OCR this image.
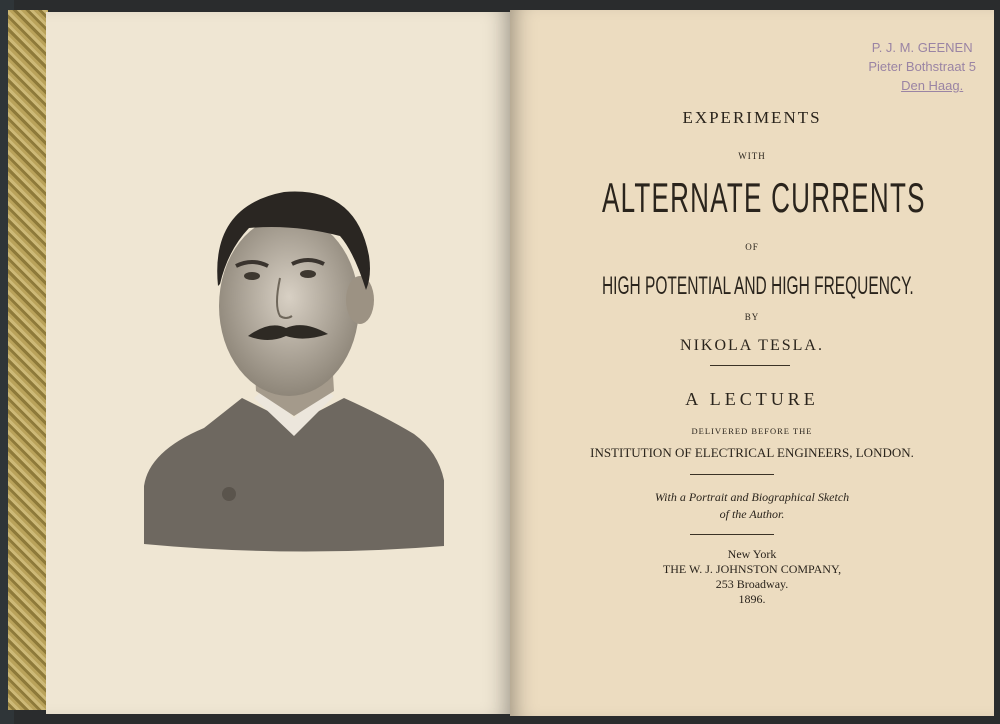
P. J. M. GEENEN
Pieter Bothstraat 5
Den Haag.
EXPERIMENTS
WITH
ALTERNATE CURRENTS
OF
HIGH POTENTIAL AND HIGH FREQUENCY.
BY
NIKOLA TESLA.
A LECTURE
DELIVERED BEFORE THE
INSTITUTION OF ELECTRICAL ENGINEERS, LONDON.
With a Portrait and Biographical Sketch
of the Author.
New York
THE W. J. JOHNSTON COMPANY,
253 Broadway.
1896.
